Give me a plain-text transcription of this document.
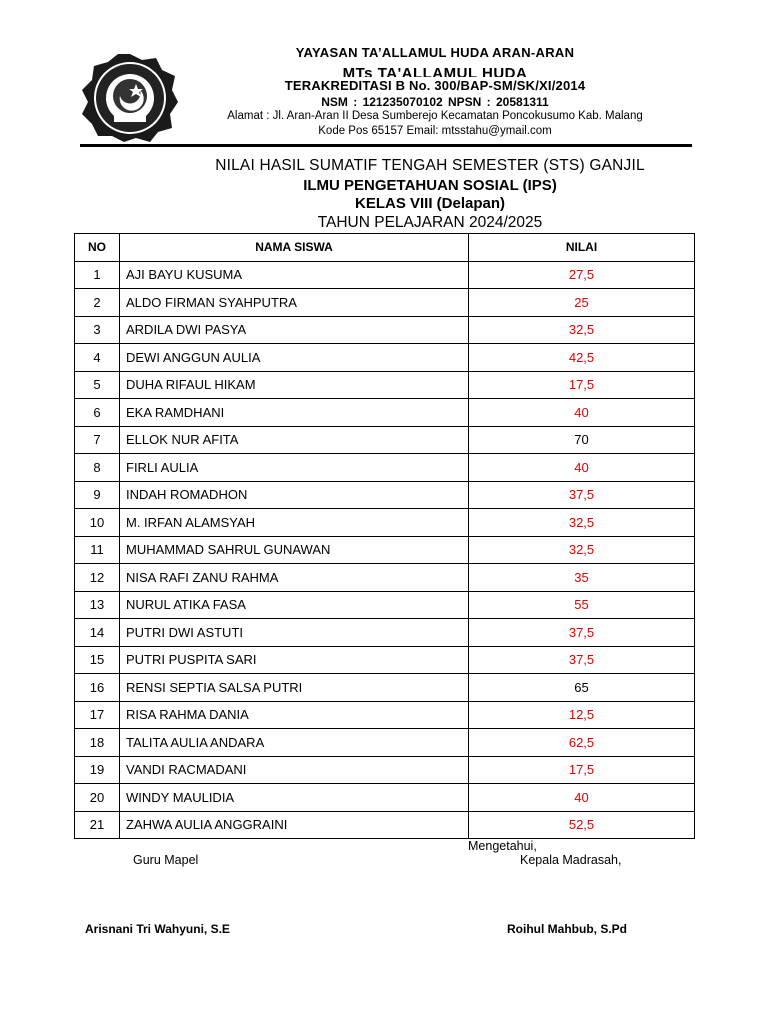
YAYASAN TA’ALLAMUL HUDA ARAN-ARAN
MTs TA'ALLAMUL HUDA
TERAKREDITASI B No. 300/BAP-SM/SK/XI/2014
NSM : 121235070102 NPSN : 20581311
Alamat : Jl. Aran-Aran II Desa Sumberejo Kecamatan Poncokusumo Kab. Malang
Kode Pos 65157 Email: mtsstahu@ymail.com
NILAI HASIL SUMATIF TENGAH SEMESTER (STS) GANJIL
ILMU PENGETAHUAN SOSIAL (IPS)
KELAS VIII (Delapan)
TAHUN PELAJARAN 2024/2025
NO	NAMA SISWA	NILAI
1	AJI BAYU KUSUMA	27,5
2	ALDO FIRMAN SYAHPUTRA	25
3	ARDILA DWI PASYA	32,5
4	DEWI ANGGUN AULIA	42,5
5	DUHA RIFAUL HIKAM	17,5
6	EKA RAMDHANI	40
7	ELLOK NUR AFITA	70
8	FIRLI AULIA	40
9	INDAH ROMADHON	37,5
10	M. IRFAN ALAMSYAH	32,5
11	MUHAMMAD SAHRUL GUNAWAN	32,5
12	NISA RAFI ZANU RAHMA	35
13	NURUL ATIKA FASA	55
14	PUTRI DWI ASTUTI	37,5
15	PUTRI PUSPITA SARI	37,5
16	RENSI SEPTIA SALSA PUTRI	65
17	RISA RAHMA DANIA	12,5
18	TALITA AULIA ANDARA	62,5
19	VANDI RACMADANI	17,5
20	WINDY MAULIDIA	40
21	ZAHWA AULIA ANGGRAINI	52,5
Mengetahui,
Guru Mapel	Kepala Madrasah,
Arisnani Tri Wahyuni, S.E	Roihul Mahbub, S.Pd
